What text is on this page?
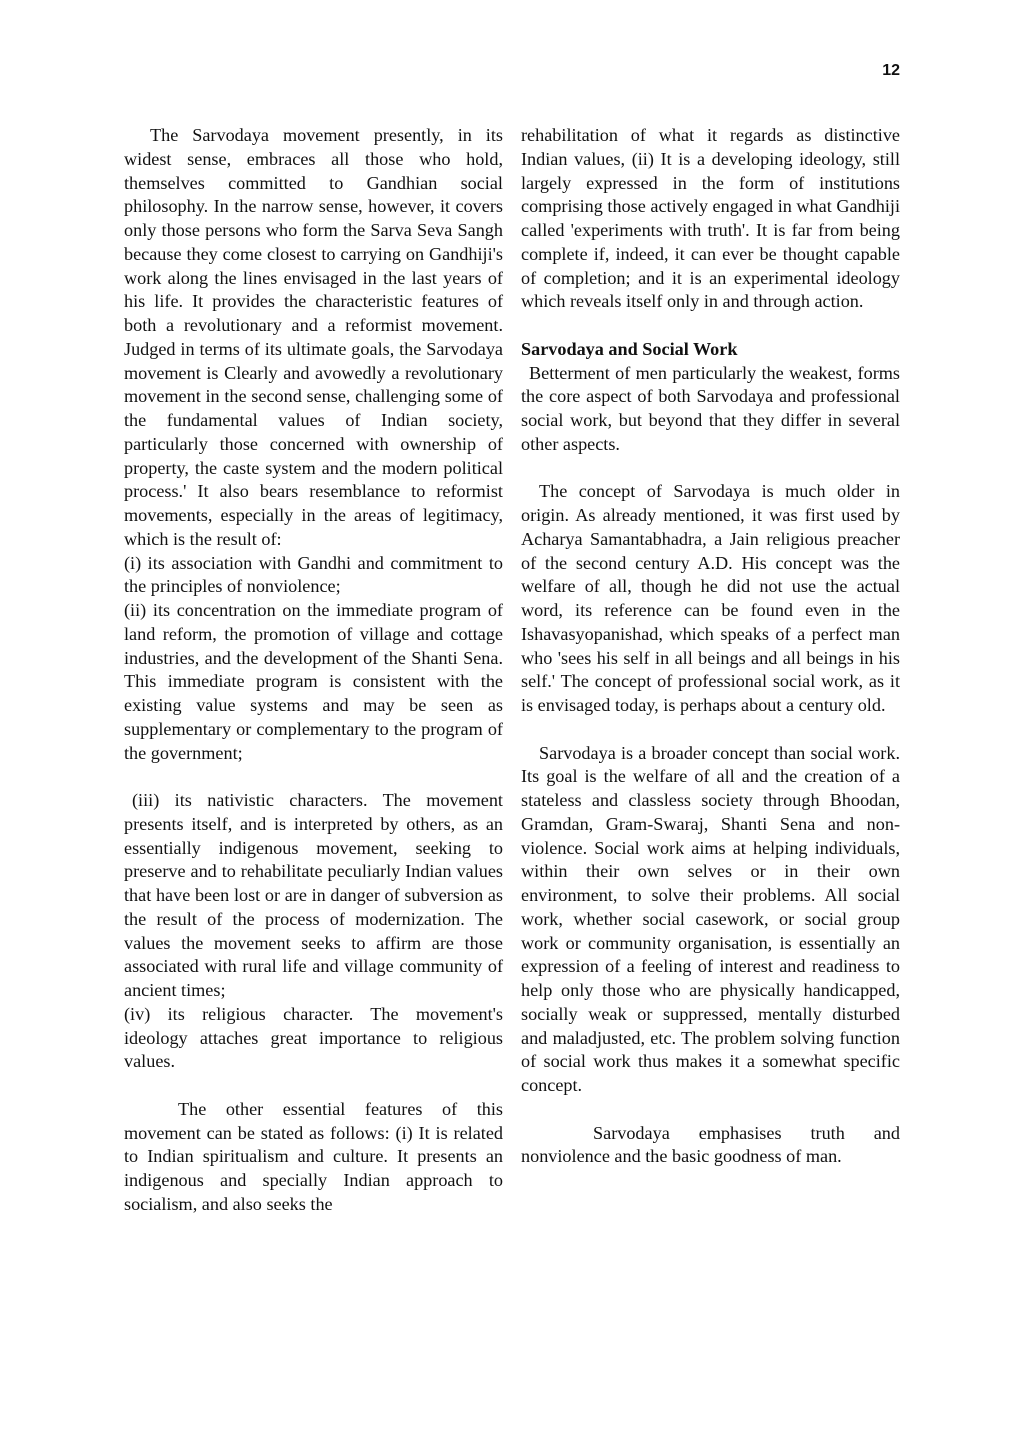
12

The Sarvodaya movement presently, in its widest sense, embraces all those who hold, themselves committed to Gandhian social philosophy. In the narrow sense, however, it covers only those persons who form the Sarva Seva Sangh because they come closest to carrying on Gandhiji's work along the lines envisaged in the last years of his life. It provides the characteristic features of both a revolutionary and a reformist movement. Judged in terms of its ultimate goals, the Sarvodaya movement is Clearly and avowedly a revolutionary movement in the second sense, challenging some of the fundamental values of Indian society, particularly those concerned with ownership of property, the caste system and the modern political process.' It also bears resemblance to reformist movements, especially in the areas of legitimacy, which is the result of:

(i) its association with Gandhi and commitment to the principles of nonviolence;

(ii) its concentration on the immediate program of land reform, the promotion of village and cottage industries, and the development of the Shanti Sena. This immediate program is consistent with the existing value systems and may be seen as supplementary or complementary to the program of the government;

(iii) its nativistic characters. The movement presents itself, and is interpreted by others, as an essentially indigenous movement, seeking to preserve and to rehabilitate peculiarly Indian values that have been lost or are in danger of subversion as the result of the process of modernization. The values the movement seeks to affirm are those associated with rural life and village community of ancient times;

(iv) its religious character. The movement's ideology attaches great importance to religious values.

The other essential features of this movement can be stated as follows: (i) It is related to Indian spiritualism and culture. It presents an indigenous and specially Indian approach to socialism, and also seeks the

rehabilitation of what it regards as distinctive Indian values, (ii) It is a developing ideology, still largely expressed in the form of institutions comprising those actively engaged in what Gandhiji called 'experiments with truth'. It is far from being complete if, indeed, it can ever be thought capable of completion; and it is an experimental ideology which reveals itself only in and through action.

Sarvodaya and Social Work

Betterment of men particularly the weakest, forms the core aspect of both Sarvodaya and professional social work, but beyond that they differ in several other aspects.

The concept of Sarvodaya is much older in origin. As already mentioned, it was first used by Acharya Samantabhadra, a Jain religious preacher of the second century A.D. His concept was the welfare of all, though he did not use the actual word, its reference can be found even in the Ishavasyopanishad, which speaks of a perfect man who 'sees his self in all beings and all beings in his self.' The concept of professional social work, as it is envisaged today, is perhaps about a century old.

Sarvodaya is a broader concept than social work. Its goal is the welfare of all and the creation of a stateless and classless society through Bhoodan, Gramdan, Gram-Swaraj, Shanti Sena and non-violence. Social work aims at helping individuals, within their own selves or in their own environment, to solve their problems. All social work, whether social casework, or social group work or community organisation, is essentially an expression of a feeling of interest and readiness to help only those who are physically handicapped, socially weak or suppressed, mentally disturbed and maladjusted, etc. The problem solving function of social work thus makes it a somewhat specific concept.

Sarvodaya emphasises truth and nonviolence and the basic goodness of man.
